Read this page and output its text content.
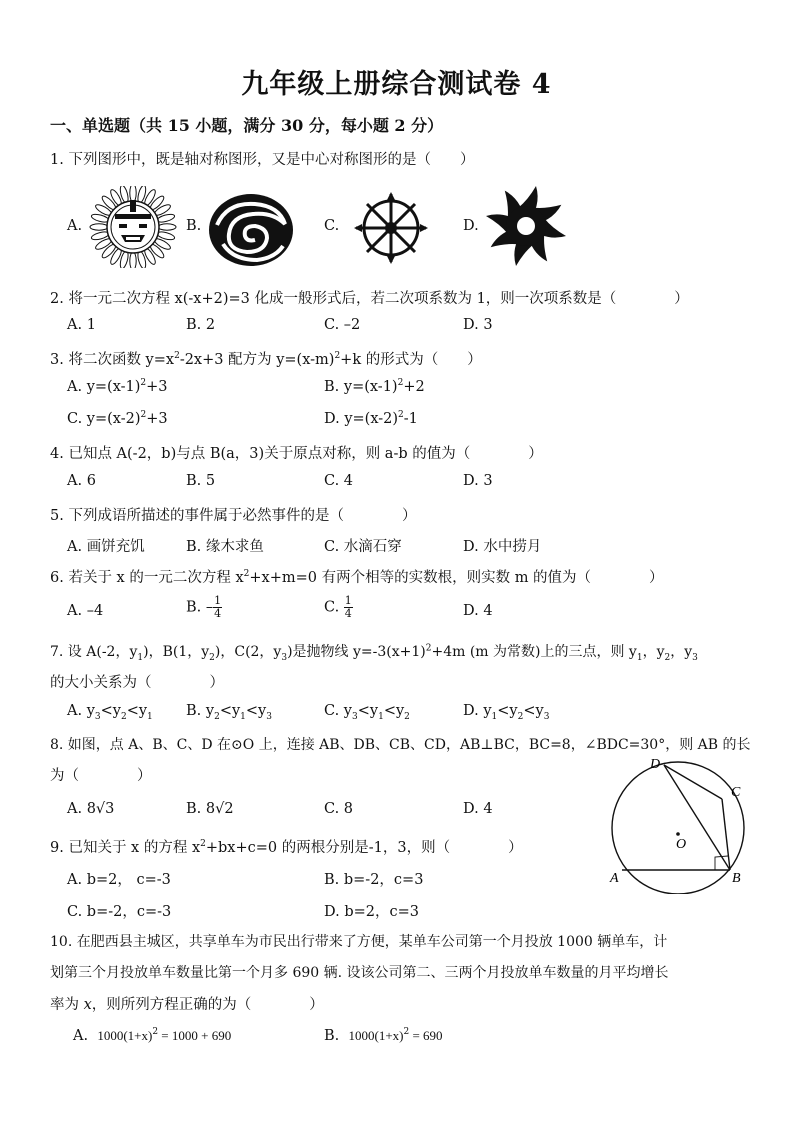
九年级上册综合测试卷 4
一、单选题（共 15 小题，满分 30 分，每小题 2 分）
1. 下列图形中，既是轴对称图形，又是中心对称图形的是（　　）
A.	B.	C.	D.
2. 将一元二次方程 x(-x+2)=3 化成一般形式后，若二次项系数为 1，则一次项系数是（　　　　）
A. 1	B. 2	C. –2	D. 3
3. 将二次函数 $y=x^2-2x+3$ 配方为 $y=(x-m)^2+k$ 的形式为（　　）
A. $y=(x-1)^2+3$	B. $y=(x-1)^2+2$
C. $y=(x-2)^2+3$	D. $y=(x-2)^2-1$
4. 已知点 A(-2，b)与点 B(a，3)关于原点对称，则 a-b 的值为（　　　　）
A. 6	B. 5	C. 4	D. 3
5. 下列成语所描述的事件属于必然事件的是（　　　　）
A. 画饼充饥	B. 缘木求鱼	C. 水滴石穿	D. 水中捞月
6. 若关于 x 的一元二次方程 $x^2+x+m=0$ 有两个相等的实数根，则实数 m 的值为（　　　　）
A. –4	B. – $\frac{1}{4}$	C. $\frac{1}{4}$	D. 4
7. 设 A(-2，$y_1$)，B(1，$y_2$)，C(2，$y_3$)是抛物线 $y=-3(x+1)^2+4m$ (m 为常数)上的三点，则 $y_1$，$y_2$，$y_3$
的大小关系为（　　　　）
A. $y_3<y_2<y_1$ B. $y_2<y_1<y_3$	C. $y_3<y_1<y_2$	D. $y_1<y_2<y_3$
8. 如图，点 A、B、C、D 在⊙O 上，连接 AB、DB、CB、CD，AB⊥BC，BC=8，∠BDC=30°，则 AB 的长
为（　　　　）
A. 8√3	B. 8√2	C. 8	D. 4
D
C
O
A	B
9. 已知关于 x 的方程 $x^2+bx+c=0$ 的两根分别是-1，3，则（　　　　）
A. b=2， c=-3	B. b=-2，c=3
C. b=-2，c=-3	D. b=2，c=3
10. 在肥西县主城区，共享单车为市民出行带来了方便，某单车公司第一个月投放 1000 辆单车，计
划第三个月投放单车数量比第一个月多 690 辆. 设该公司第二、三两个月投放单车数量的月平均增长
率为 x，则所列方程正确的为（　　　　）
A. $1000(1+x)^2 = 1000 + 690$	B. $1000(1+x)^2 = 690$
